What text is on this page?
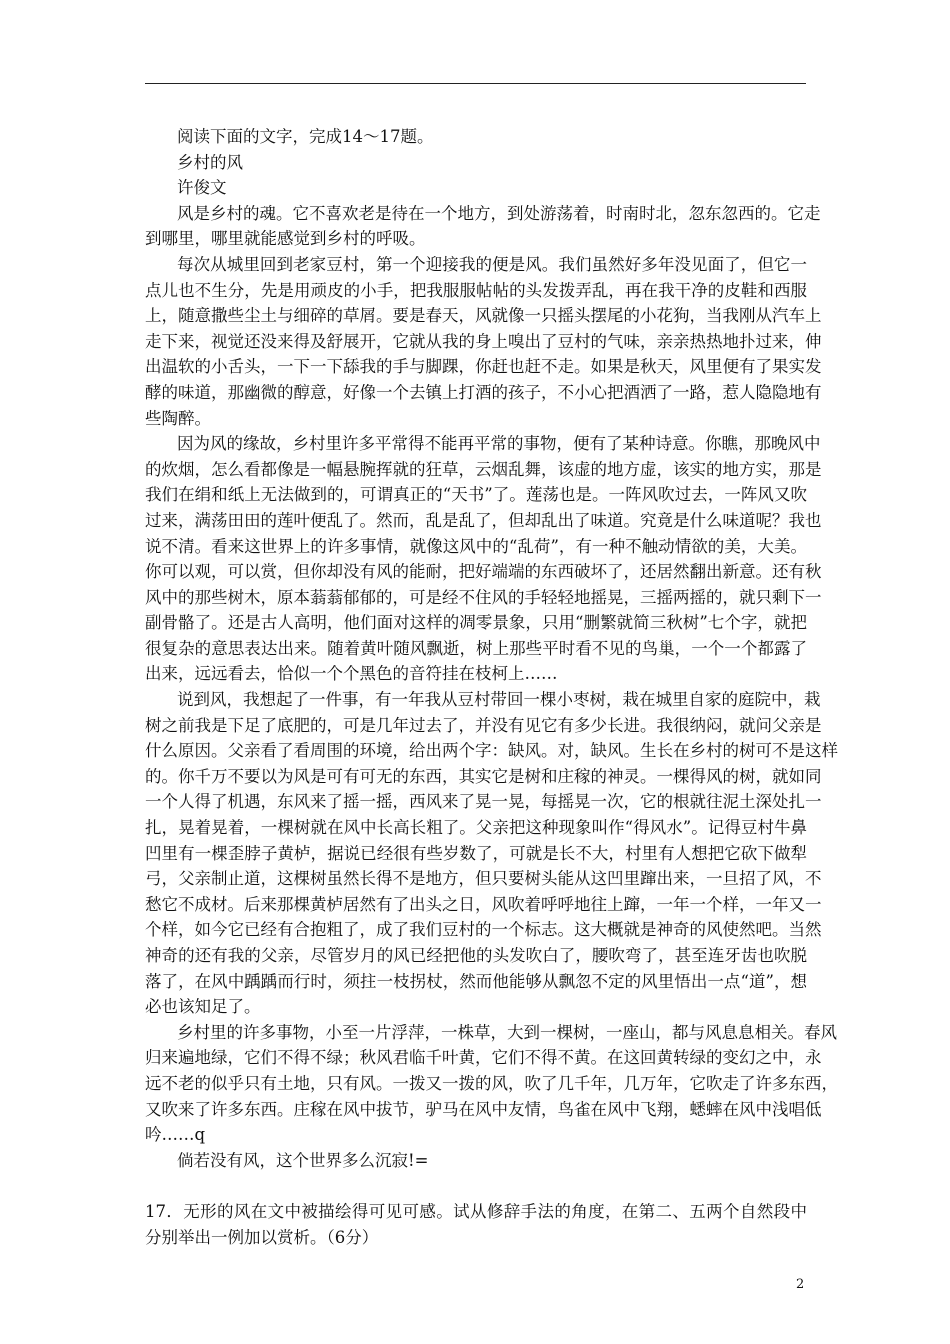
阅读下面的文字，完成14～17题。
乡村的风
许俊文
风是乡村的魂。它不喜欢老是待在一个地方，到处游荡着，时南时北，忽东忽西的。它走
到哪里，哪里就能感觉到乡村的呼吸。
每次从城里回到老家豆村，第一个迎接我的便是风。我们虽然好多年没见面了，但它一
点儿也不生分，先是用顽皮的小手，把我服服帖帖的头发拨弄乱，再在我干净的皮鞋和西服
上，随意撒些尘土与细碎的草屑。要是春天，风就像一只摇头摆尾的小花狗，当我刚从汽车上
走下来，视觉还没来得及舒展开，它就从我的身上嗅出了豆村的气味，亲亲热热地扑过来，伸
出温软的小舌头，一下一下舔我的手与脚踝，你赶也赶不走。如果是秋天，风里便有了果实发
酵的味道，那幽微的醇意，好像一个去镇上打酒的孩子，不小心把酒洒了一路，惹人隐隐地有
些陶醉。
因为风的缘故，乡村里许多平常得不能再平常的事物，便有了某种诗意。你瞧，那晚风中
的炊烟，怎么看都像是一幅悬腕挥就的狂草，云烟乱舞，该虚的地方虚，该实的地方实，那是
我们在绢和纸上无法做到的，可谓真正的“天书”了。莲荡也是。一阵风吹过去，一阵风又吹
过来，满荡田田的莲叶便乱了。然而，乱是乱了，但却乱出了味道。究竟是什么味道呢？我也
说不清。看来这世界上的许多事情，就像这风中的“乱荷”，有一种不触动情欲的美，大美。
你可以观，可以赏，但你却没有风的能耐，把好端端的东西破坏了，还居然翻出新意。还有秋
风中的那些树木，原本蓊蓊郁郁的，可是经不住风的手轻轻地摇晃，三摇两摇的，就只剩下一
副骨骼了。还是古人高明，他们面对这样的凋零景象，只用“删繁就简三秋树”七个字，就把
很复杂的意思表达出来。随着黄叶随风飘逝，树上那些平时看不见的鸟巢，一个一个都露了
出来，远远看去，恰似一个个黑色的音符挂在枝柯上……
说到风，我想起了一件事，有一年我从豆村带回一棵小枣树，栽在城里自家的庭院中，栽
树之前我是下足了底肥的，可是几年过去了，并没有见它有多少长进。我很纳闷，就问父亲是
什么原因。父亲看了看周围的环境，给出两个字：缺风。对，缺风。生长在乡村的树可不是这样
的。你千万不要以为风是可有可无的东西，其实它是树和庄稼的神灵。一棵得风的树，就如同
一个人得了机遇，东风来了摇一摇，西风来了晃一晃，每摇晃一次，它的根就往泥土深处扎一
扎，晃着晃着，一棵树就在风中长高长粗了。父亲把这种现象叫作“得风水”。记得豆村牛鼻
凹里有一棵歪脖子黄栌，据说已经很有些岁数了，可就是长不大，村里有人想把它砍下做犁
弓，父亲制止道，这棵树虽然长得不是地方，但只要树头能从这凹里蹿出来，一旦招了风，不
愁它不成材。后来那棵黄栌居然有了出头之日，风吹着呼呼地往上蹿，一年一个样，一年又一
个样，如今它已经有合抱粗了，成了我们豆村的一个标志。这大概就是神奇的风使然吧。当然
神奇的还有我的父亲，尽管岁月的风已经把他的头发吹白了，腰吹弯了，甚至连牙齿也吹脱
落了，在风中踽踽而行时，须拄一枝拐杖，然而他能够从飘忽不定的风里悟出一点“道”，想
必也该知足了。
乡村里的许多事物，小至一片浮萍，一株草，大到一棵树，一座山，都与风息息相关。春风
归来遍地绿，它们不得不绿；秋风君临千叶黄，它们不得不黄。在这回黄转绿的变幻之中，永
远不老的似乎只有土地，只有风。一拨又一拨的风，吹了几千年，几万年，它吹走了许多东西，
又吹来了许多东西。庄稼在风中拔节，驴马在风中友情，鸟雀在风中飞翔，蟋蟀在风中浅唱低
吟……q
倘若没有风，这个世界多么沉寂!=
17．无形的风在文中被描绘得可见可感。试从修辞手法的角度，在第二、五两个自然段中
分别举出一例加以赏析。（6分）
2
